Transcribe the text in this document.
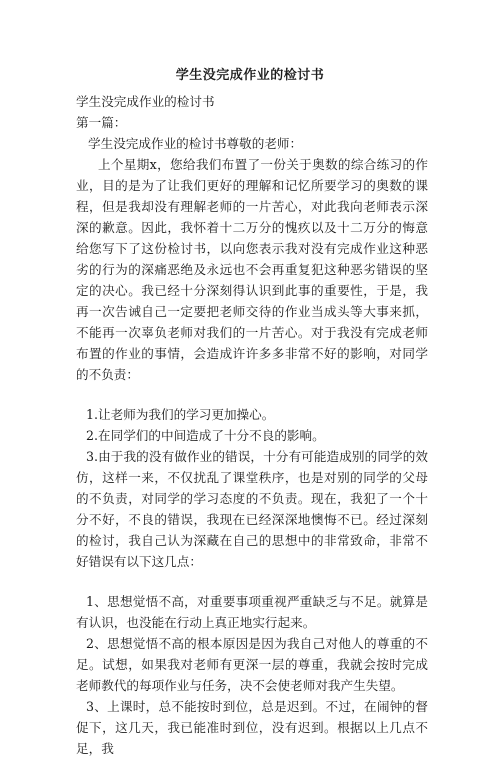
学生没完成作业的检讨书

学生没完成作业的检讨书

第一篇：

学生没完成作业的检讨书尊敬的老师：

上个星期x，您给我们布置了一份关于奥数的综合练习的作业，目的是为了让我们更好的理解和记忆所要学习的奥数的课程，但是我却没有理解老师的一片苦心，对此我向老师表示深深的歉意。因此，我怀着十二万分的愧疚以及十二万分的悔意给您写下了这份检讨书，以向您表示我对没有完成作业这种恶劣的行为的深痛恶绝及永远也不会再重复犯这种恶劣错误的坚定的决心。我已经十分深刻得认识到此事的重要性，于是，我再一次告诫自己一定要把老师交待的作业当成头等大事来抓，不能再一次辜负老师对我们的一片苦心。对于我没有完成老师布置的作业的事情，会造成许许多多非常不好的影响，对同学的不负责：

1.让老师为我们的学习更加操心。

2.在同学们的中间造成了十分不良的影响。

3.由于我的没有做作业的错误，十分有可能造成别的同学的效仿，这样一来，不仅扰乱了课堂秩序，也是对别的同学的父母的不负责，对同学的学习态度的不负责。现在，我犯了一个十分不好，不良的错误，我现在已经深深地懊悔不已。经过深刻的检讨，我自己认为深藏在自己的思想中的非常致命，非常不好错误有以下这几点：

1、思想觉悟不高，对重要事项重视严重缺乏与不足。就算是有认识，也没能在行动上真正地实行起来。

2、思想觉悟不高的根本原因是因为我自己对他人的尊重的不足。试想，如果我对老师有更深一层的尊重，我就会按时完成老师教代的每项作业与任务，决不会使老师对我产生失望。

3、上课时，总不能按时到位，总是迟到。不过，在闹钟的督促下，这几天，我已能准时到位，没有迟到。根据以上几点不足，我
